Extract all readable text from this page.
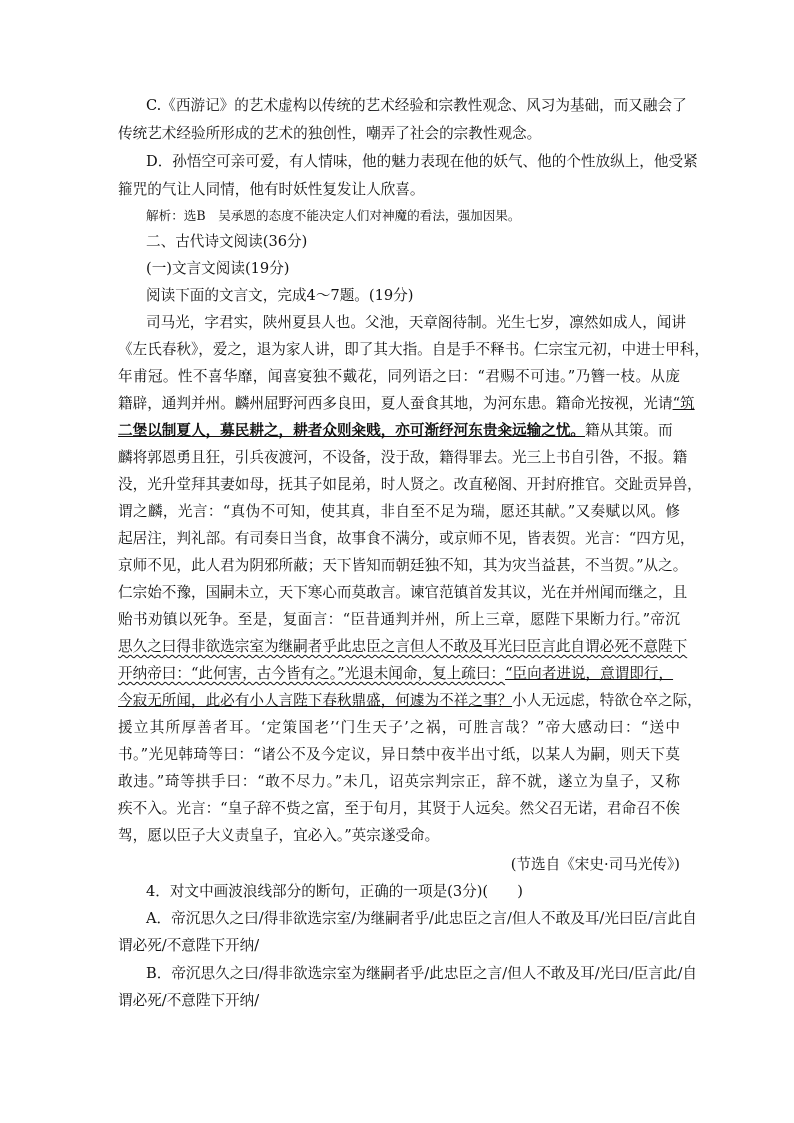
C.《西游记》的艺术虚构以传统的艺术经验和宗教性观念、风习为基础，而又融会了
传统艺术经验所形成的艺术的独创性，嘲弄了社会的宗教性观念。
D．孙悟空可亲可爱，有人情味，他的魅力表现在他的妖气、他的个性放纵上，他受紧
箍咒的气让人同情，他有时妖性复发让人欣喜。
解析：选B　吴承恩的态度不能决定人们对神魔的看法，强加因果。
二、古代诗文阅读(36分)
(一)文言文阅读(19分)
阅读下面的文言文，完成4～7题。(19分)
司马光，字君实，陕州夏县人也。父池，天章阁待制。光生七岁，凛然如成人，闻讲
《左氏春秋》，爱之，退为家人讲，即了其大指。自是手不释书。仁宗宝元初，中进士甲科，
年甫冠。性不喜华靡，闻喜宴独不戴花，同列语之曰：“君赐不可违。”乃簪一枝。从庞
籍辟，通判并州。麟州屈野河西多良田，夏人蚕食其地，为河东患。籍命光按视，光请“筑
二堡以制夏人，募民耕之，耕者众则籴贱，亦可渐纾河东贵籴远输之忧。籍从其策。而
麟将郭恩勇且狂，引兵夜渡河，不设备，没于敌，籍得罪去。光三上书自引咎，不报。籍
没，光升堂拜其妻如母，抚其子如昆弟，时人贤之。改直秘阁、开封府推官。交趾贡异兽，
谓之麟，光言：“真伪不可知，使其真，非自至不足为瑞，愿还其献。”又奏赋以风。修
起居注，判礼部。有司奏日当食，故事食不满分，或京师不见，皆表贺。光言：“四方见，
京师不见，此人君为阴邪所蔽；天下皆知而朝廷独不知，其为灾当益甚，不当贺。”从之。
仁宗始不豫，国嗣未立，天下寒心而莫敢言。谏官范镇首发其议，光在并州闻而继之，且
贻书劝镇以死争。至是，复面言：“臣昔通判并州，所上三章，愿陛下果断力行。”帝沉
思久之曰得非欲选宗室为继嗣者乎此忠臣之言但人不敢及耳光曰臣言此自谓必死不意陛下
开纳帝曰：“此何害，古今皆有之。”光退未闻命，复上疏曰：“臣向者进说，意谓即行，
今寂无所闻，此必有小人言陛下春秋鼎盛，何遽为不祥之事？小人无远虑，特欲仓卒之际，
援立其所厚善者耳。‘定策国老’‘门生天子’之祸，可胜言哉？”帝大感动曰：“送中
书。”光见韩琦等曰：“诸公不及今定议，异日禁中夜半出寸纸，以某人为嗣，则天下莫
敢违。”琦等拱手曰：“敢不尽力。”未几，诏英宗判宗正，辞不就，遂立为皇子，又称
疾不入。光言：“皇子辞不赀之富，至于旬月，其贤于人远矣。然父召无诺，君命召不俟
驾，愿以臣子大义责皇子，宜必入。”英宗遂受命。
(节选自《宋史·司马光传》)
4．对文中画波浪线部分的断句，正确的一项是(3分)(　　)
A．帝沉思久之曰/得非欲选宗室/为继嗣者乎/此忠臣之言/但人不敢及耳/光曰臣/言此自
谓必死/不意陛下开纳/
B．帝沉思久之曰/得非欲选宗室为继嗣者乎/此忠臣之言/但人不敢及耳/光曰/臣言此/自
谓必死/不意陛下开纳/
